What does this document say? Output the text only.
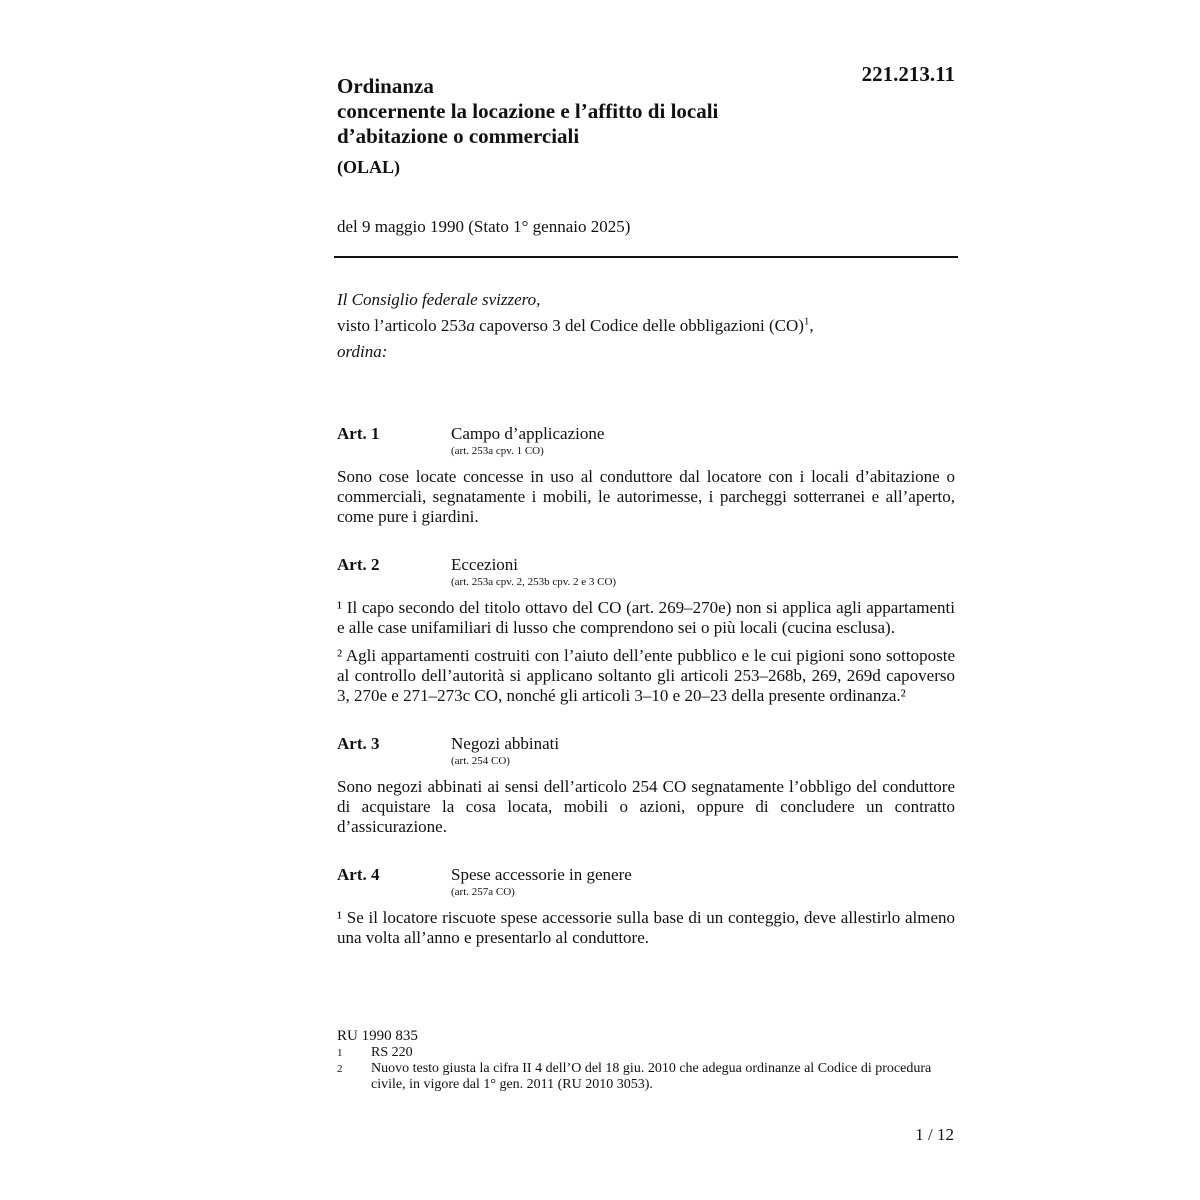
221.213.11
Ordinanza
concernente la locazione e l’affitto di locali
d’abitazione o commerciali
(OLAL)
del 9 maggio 1990 (Stato 1° gennaio 2025)
Il Consiglio federale svizzero,
visto l’articolo 253a capoverso 3 del Codice delle obbligazioni (CO)$^1$,
ordina:
Art. 1	Campo d’applicazione
(art. 253a cpv. 1 CO)
Sono cose locate concesse in uso al conduttore dal locatore con i locali d’abitazione o commerciali, segnatamente i mobili, le autorimesse, i parcheggi sotterranei e all’aperto, come pure i giardini.
Art. 2	Eccezioni
(art. 253a cpv. 2, 253b cpv. 2 e 3 CO)
¹ Il capo secondo del titolo ottavo del CO (art. 269–270e) non si applica agli appartamenti e alle case unifamiliari di lusso che comprendono sei o più locali (cucina esclusa).
² Agli appartamenti costruiti con l’aiuto dell’ente pubblico e le cui pigioni sono sottoposte al controllo dell’autorità si applicano soltanto gli articoli 253–268b, 269, 269d capoverso 3, 270e e 271–273c CO, nonché gli articoli 3–10 e 20–23 della presente ordinanza.²
Art. 3	Negozi abbinati
(art. 254 CO)
Sono negozi abbinati ai sensi dell’articolo 254 CO segnatamente l’obbligo del conduttore di acquistare la cosa locata, mobili o azioni, oppure di concludere un contratto d’assicurazione.
Art. 4	Spese accessorie in genere
(art. 257a CO)
¹ Se il locatore riscuote spese accessorie sulla base di un conteggio, deve allestirlo almeno una volta all’anno e presentarlo al conduttore.
RU 1990 835
1	RS 220
2	Nuovo testo giusta la cifra II 4 dell’O del 18 giu. 2010 che adegua ordinanze al Codice di procedura civile, in vigore dal 1° gen. 2011 (RU 2010 3053).
1 / 12
